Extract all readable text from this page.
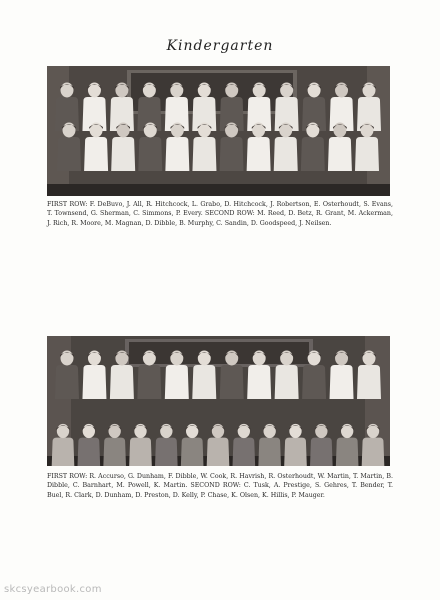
Kindergarten
FIRST ROW: F. DeBuvo, J. All, R. Hitchcock, L. Grabo, D. Hitchcock, J. Robertson, E. Osterhoudt, S. Evans, T. Townsend, G. Sherman, C. Simmons, P. Every. SECOND ROW: M. Reed, D. Betz, R. Grant, M. Ackerman, J. Rich, R. Moore, M. Magnan, D. Dibble, B. Murphy, C. Sandin, D. Goodspeed, J. Neilsen.
FIRST ROW: R. Accurso, G. Dunham, F. Dibble, W. Cook, R. Havrish, R. Osterhoudt, W. Martin, T. Martin, B. Dibble, C. Barnhart, M. Powell, K. Martin. SECOND ROW: C. Tusk, A. Prestige, S. Gehres, T. Bender, T. Buel, R. Clark, D. Dunham, D. Preston, D. Kelly, P. Chase, K. Olsen, K. Hillis, P. Mauger.
skcsyearbook.com
